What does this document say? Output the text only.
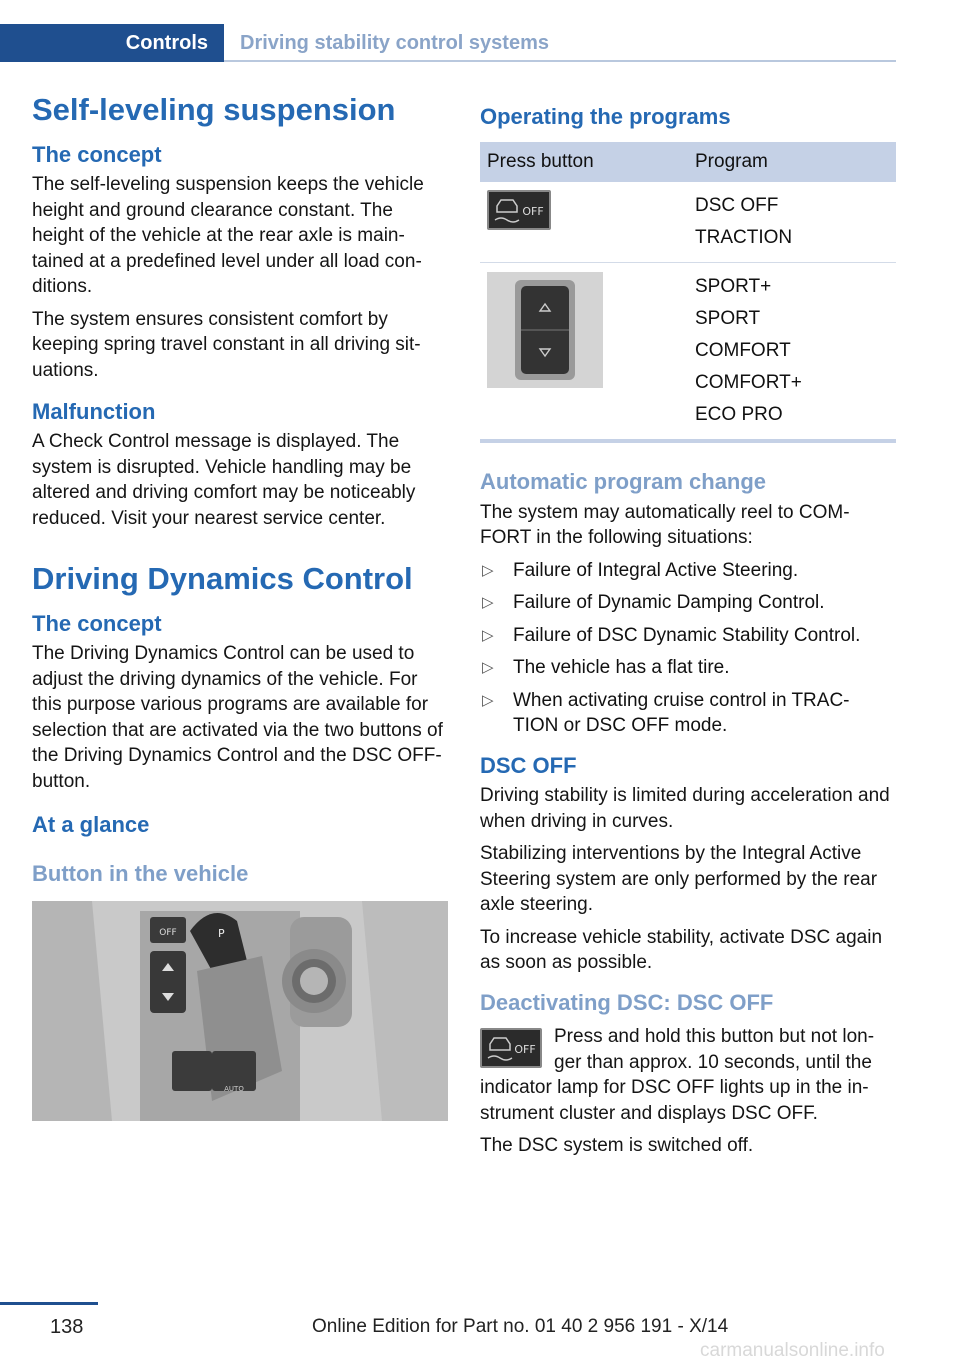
Controls Driving stability control systems
Self-leveling suspension
The concept

The self-leveling suspension keeps the vehicle height and ground clearance constant. The height of the vehicle at the rear axle is main‐ tained at a predefined level under all load con‐ ditions.

The system ensures consistent comfort by keeping spring travel constant in all driving sit‐ uations.

Malfunction

A Check Control message is displayed. The system is disrupted. Vehicle handling may be altered and driving comfort may be noticeably reduced. Visit your nearest service center.

Driving Dynamics Control
The concept

The Driving Dynamics Control can be used to adjust the driving dynamics of the vehicle. For this purpose various programs are available for selection that are activated via the two buttons of the Driving Dynamics Control and the DSC OFF-button.

At a glance
Button in the vehicle
OFF	P
AUTO
Operating the programs
Press button	Program

OFF	DSC OFF
TRACTION

SPORT+
SPORT
COMFORT
COMFORT+
ECO PRO
Automatic program change

The system may automatically reel to COM‐ FORT in the following situations:

▷ Failure of Integral Active Steering.
▷ Failure of Dynamic Damping Control.
▷ Failure of DSC Dynamic Stability Control.
▷ The vehicle has a flat tire.
▷ When activating cruise control in TRAC‐ TION or DSC OFF mode.
DSC OFF

Driving stability is limited during acceleration and when driving in curves.

Stabilizing interventions by the Integral Active Steering system are only performed by the rear axle steering.

To increase vehicle stability, activate DSC again as soon as possible.

Deactivating DSC: DSC OFF
OFF

Press and hold this button but not lon‐ ger than approx. 10 seconds, until the indicator lamp for DSC OFF lights up in the in‐ strument cluster and displays DSC OFF.

The DSC system is switched off.

138	Online Edition for Part no. 01 40 2 956 191 - X/14
carmanualsonline.info
